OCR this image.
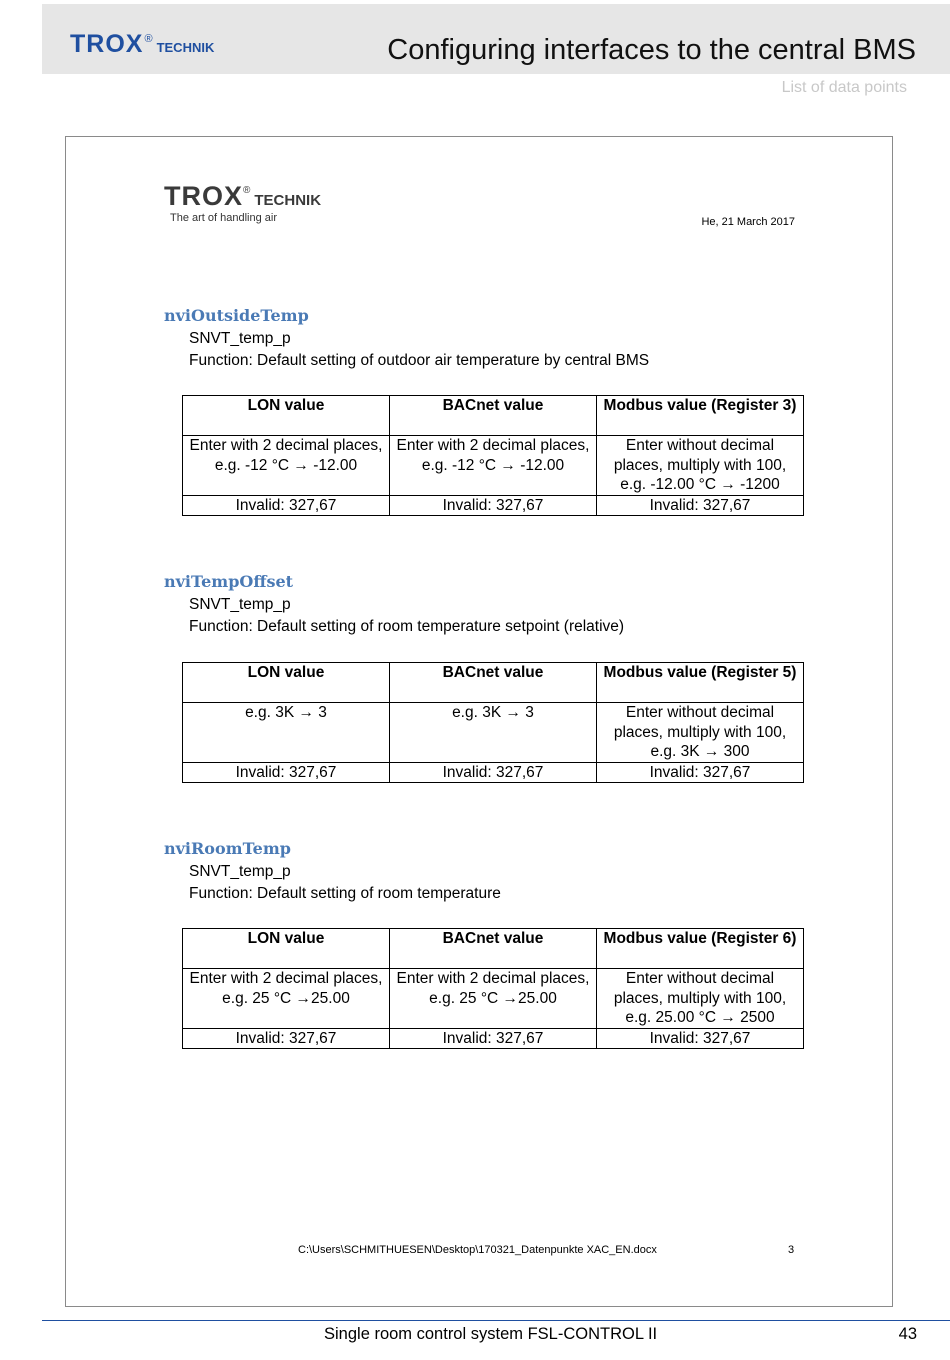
TROX ®
TECHNIK	Configuring interfaces to the central BMS
List of data points
TROX ®
TECHNIK
The art of handling air	He, 21 March 2017
nviOutsideTemp
SNVT_temp_p
Function: Default setting of outdoor air temperature by central BMS
LON value	BACnet value	Modbus value (Register 3)
Enter with 2 decimal places, e.g. -12 °C → -12.00	Enter with 2 decimal places, e.g. -12 °C → -12.00	Enter without decimal places, multiply with 100, e.g. -12.00 °C → -1200
Invalid: 327,67	Invalid: 327,67	Invalid: 327,67
nviTempOffset
SNVT_temp_p
Function: Default setting of room temperature setpoint (relative)
LON value	BACnet value	Modbus value (Register 5)
e.g. 3K → 3	e.g. 3K → 3	Enter without decimal places, multiply with 100, e.g. 3K → 300
Invalid: 327,67	Invalid: 327,67	Invalid: 327,67
nviRoomTemp
SNVT_temp_p
Function: Default setting of room temperature
LON value	BACnet value	Modbus value (Register 6)
Enter with 2 decimal places, e.g. 25 °C →25.00	Enter with 2 decimal places, e.g. 25 °C →25.00	Enter without decimal places, multiply with 100, e.g. 25.00 °C → 2500
Invalid: 327,67	Invalid: 327,67	Invalid: 327,67
C:\Users\SCHMITHUESEN\Desktop\170321_Datenpunkte XAC_EN.docx	3
Single room control system FSL-CONTROL II	43
